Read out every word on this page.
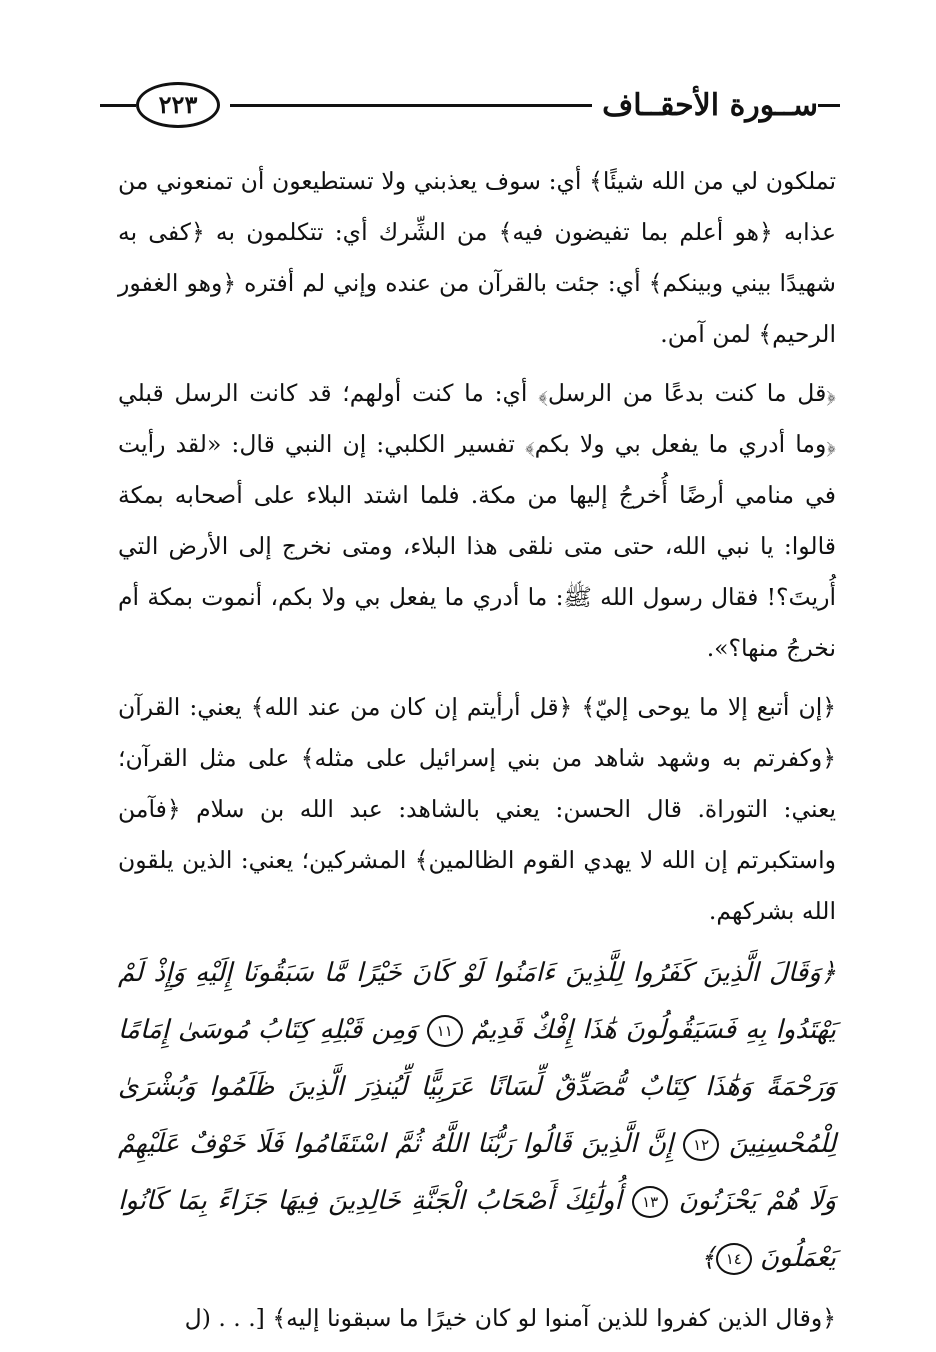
٢٢٣	ســورة الأحقــاف

تملكون لي من الله شيئًا﴾ أي: سوف يعذبني ولا تستطيعون أن تمنعوني من عذابه ﴿هو أعلم بما تفيضون فيه﴾ من الشِّرك أي: تتكلمون به ﴿كفى به شهيدًا بيني وبينكم﴾ أي: جئت بالقرآن من عنده وإني لم أفتره ﴿وهو الغفور الرحيم﴾ لمن آمن.

﴿قل ما كنت بدعًا من الرسل﴾ أي: ما كنت أولهم؛ قد كانت الرسل قبلي ﴿وما أدري ما يفعل بي ولا بكم﴾ تفسير الكلبي: إن النبي قال: «لقد رأيت في منامي أرضًا أُخرجُ إليها من مكة. فلما اشتد البلاء على أصحابه بمكة قالوا: يا نبي الله، حتى متى نلقى هذا البلاء، ومتى نخرج إلى الأرض التي أُريتَ؟! فقال رسول الله ﷺ: ما أدري ما يفعل بي ولا بكم، أنموت بمكة أم نخرجُ منها؟».

﴿إن أتبع إلا ما يوحى إليّ﴾ ﴿قل أرأيتم إن كان من عند الله﴾ يعني: القرآن ﴿وكفرتم به وشهد شاهد من بني إسرائيل على مثله﴾ على مثل القرآن؛ يعني: التوراة. قال الحسن: يعني بالشاهد: عبد الله بن سلام ﴿فآمن واستكبرتم إن الله لا يهدي القوم الظالمين﴾ المشركين؛ يعني: الذين يلقون الله بشركهم.

﴿وَقَالَ الَّذِينَ كَفَرُوا لِلَّذِينَ ءَامَنُوا لَوْ كَانَ خَيْرًا مَّا سَبَقُونَا إِلَيْهِ وَإِذْ لَمْ يَهْتَدُوا بِهِ فَسَيَقُولُونَ هَٰذَا إِفْكٌ قَدِيمٌ ١١ وَمِن قَبْلِهِ كِتَابُ مُوسَىٰ إِمَامًا وَرَحْمَةً وَهَٰذَا كِتَابٌ مُّصَدِّقٌ لِّسَانًا عَرَبِيًّا لِّيُنذِرَ الَّذِينَ ظَلَمُوا وَبُشْرَىٰ لِلْمُحْسِنِينَ ١٢ إِنَّ الَّذِينَ قَالُوا رَبُّنَا اللَّهُ ثُمَّ اسْتَقَامُوا فَلَا خَوْفٌ عَلَيْهِمْ وَلَا هُمْ يَحْزَنُونَ ١٣ أُولَٰئِكَ أَصْحَابُ الْجَنَّةِ خَالِدِينَ فِيهَا جَزَاءً بِمَا كَانُوا يَعْمَلُونَ ١٤﴾

﴿وقال الذين كفروا للذين آمنوا لو كان خيرًا ما سبقونا إليه﴾ [. . . (ل
